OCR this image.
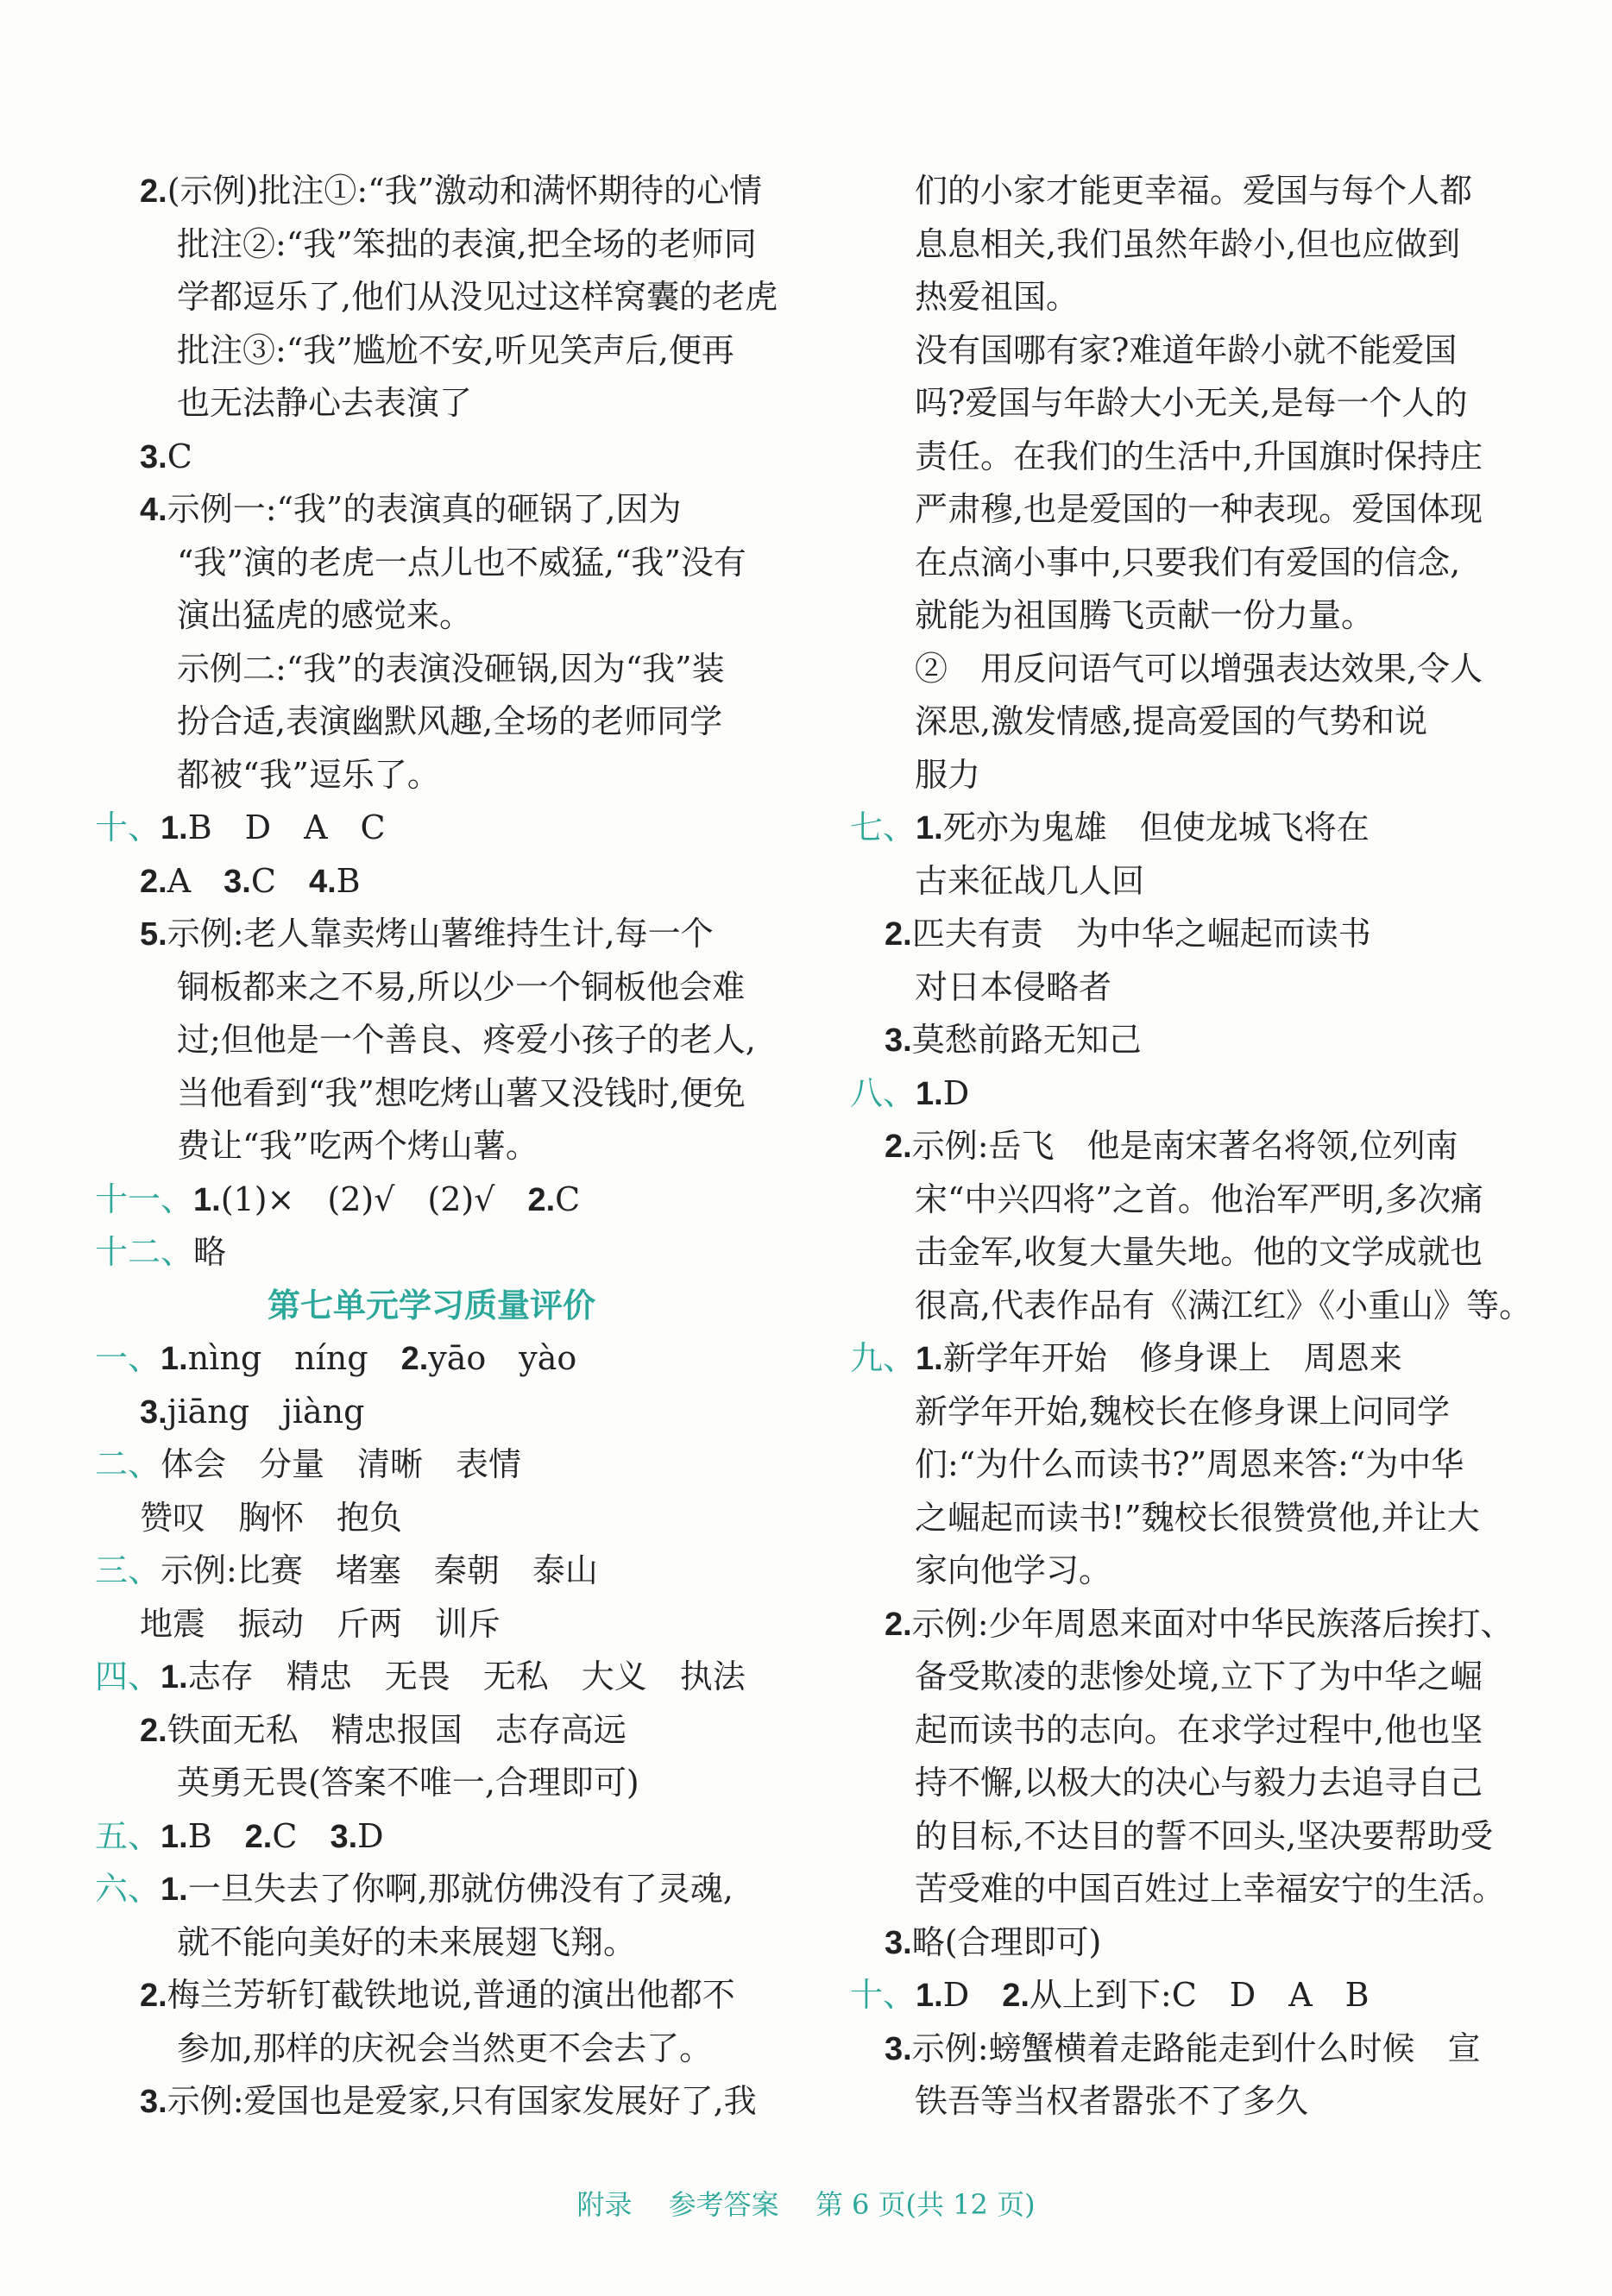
2.(示例)批注①:“我”激动和满怀期待的心情
批注②:“我”笨拙的表演,把全场的老师同
学都逗乐了,他们从没见过这样窝囊的老虎
批注③:“我”尴尬不安,听见笑声后,便再
也无法静心去表演了
3.C
4.示例一:“我”的表演真的砸锅了,因为
“我”演的老虎一点儿也不威猛,“我”没有
演出猛虎的感觉来。
示例二:“我”的表演没砸锅,因为“我”装
扮合适,表演幽默风趣,全场的老师同学
都被“我”逗乐了。
十、1.B　D　A　C
2.A　3.C　4.B
5.示例:老人靠卖烤山薯维持生计,每一个
铜板都来之不易,所以少一个铜板他会难
过;但他是一个善良、疼爱小孩子的老人,
当他看到“我”想吃烤山薯又没钱时,便免
费让“我”吃两个烤山薯。
十一、1.(1)×　(2)√　(2)√　2.C
十二、略
第七单元学习质量评价
一、1.nìng　níng　2.yāo　yào
3.jiāng　jiàng
二、体会　分量　清晰　表情
赞叹　胸怀　抱负
三、示例:比赛　堵塞　秦朝　泰山
地震　振动　斤两　训斥
四、1.志存　精忠　无畏　无私　大义　执法
2.铁面无私　精忠报国　志存高远
英勇无畏(答案不唯一,合理即可)
五、1.B　2.C　3.D
六、1.一旦失去了你啊,那就仿佛没有了灵魂,
就不能向美好的未来展翅飞翔。
2.梅兰芳斩钉截铁地说,普通的演出他都不
参加,那样的庆祝会当然更不会去了。
3.示例:爱国也是爱家,只有国家发展好了,我
们的小家才能更幸福。爱国与每个人都
息息相关,我们虽然年龄小,但也应做到
热爱祖国。
没有国哪有家?难道年龄小就不能爱国
吗?爱国与年龄大小无关,是每一个人的
责任。在我们的生活中,升国旗时保持庄
严肃穆,也是爱国的一种表现。爱国体现
在点滴小事中,只要我们有爱国的信念,
就能为祖国腾飞贡献一份力量。
②　用反问语气可以增强表达效果,令人
深思,激发情感,提高爱国的气势和说
服力
七、1.死亦为鬼雄　但使龙城飞将在
古来征战几人回
2.匹夫有责　为中华之崛起而读书
对日本侵略者
3.莫愁前路无知己
八、1.D
2.示例:岳飞　他是南宋著名将领,位列南
宋“中兴四将”之首。他治军严明,多次痛
击金军,收复大量失地。他的文学成就也
很高,代表作品有《满江红》《小重山》等。
九、1.新学年开始　修身课上　周恩来
新学年开始,魏校长在修身课上问同学
们:“为什么而读书?”周恩来答:“为中华
之崛起而读书!”魏校长很赞赏他,并让大
家向他学习。
2.示例:少年周恩来面对中华民族落后挨打、
备受欺凌的悲惨处境,立下了为中华之崛
起而读书的志向。在求学过程中,他也坚
持不懈,以极大的决心与毅力去追寻自己
的目标,不达目的誓不回头,坚决要帮助受
苦受难的中国百姓过上幸福安宁的生活。
3.略(合理即可)
十、1.D　2.从上到下:C　D　A　B
3.示例:螃蟹横着走路能走到什么时候　宣
铁吾等当权者嚣张不了多久
附录 参考答案 第 6 页(共 12 页)
